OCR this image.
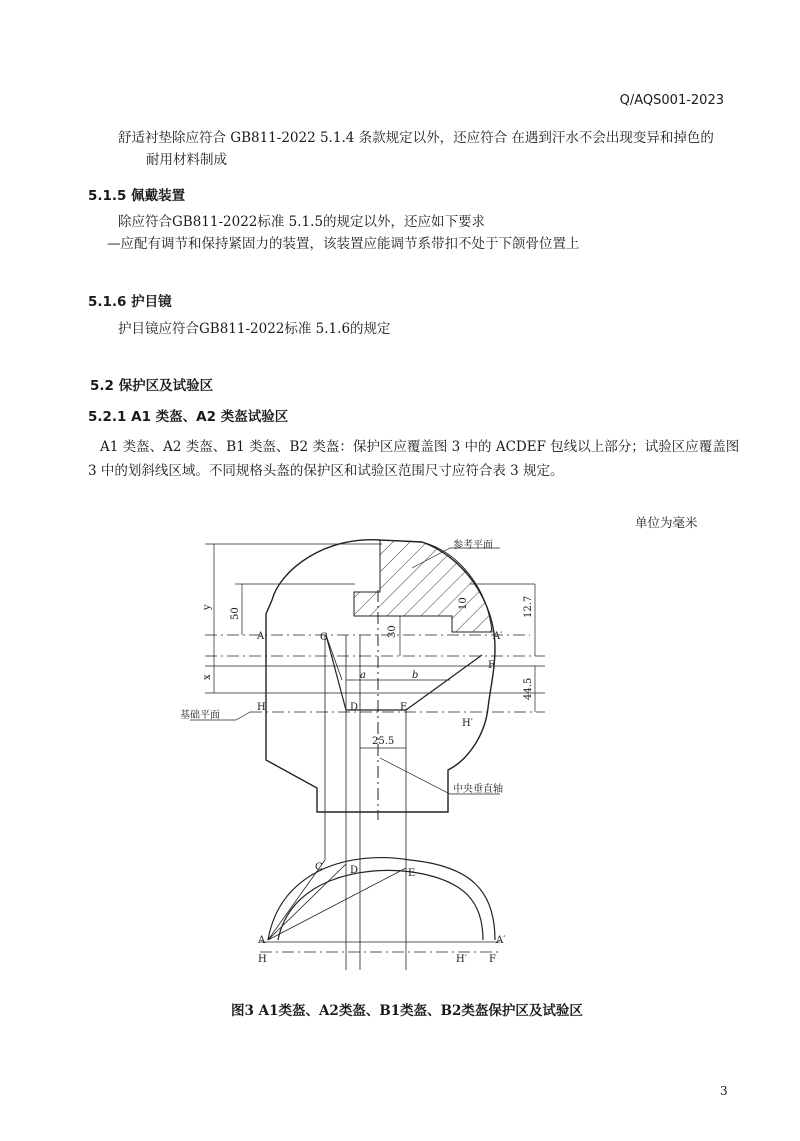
Q/AQS001-2023
舒适衬垫除应符合 GB811-2022 5.1.4 条款规定以外，还应符合 在遇到汗水不会出现变异和掉色的
耐用材料制成
5.1.5 佩戴装置
除应符合GB811-2022标准 5.1.5的规定以外，还应如下要求
—应配有调节和保持紧固力的装置，该装置应能调节系带扣不处于下颌骨位置上
5.1.6 护目镜
护目镜应符合GB811-2022标准 5.1.6的规定
5.2 保护区及试验区
5.2.1 A1 类盔、A2 类盔试验区
A1 类盔、A2 类盔、B1 类盔、B2 类盔：保护区应覆盖图 3 中的 ACDEF 包线以上部分；试验区应覆盖图
3 中的划斜线区域。不同规格头盔的保护区和试验区范围尺寸应符合表 3 规定。
单位为毫米
参考平面
基础平面
中央垂直轴
A	A′
C
D	E
F
H
H′
y
x
50
30
10	12.7
44.5
25.5
a	b
C	D	E
A
H	H′ F
A′
图3 A1类盔、A2类盔、B1类盔、B2类盔保护区及试验区
3
